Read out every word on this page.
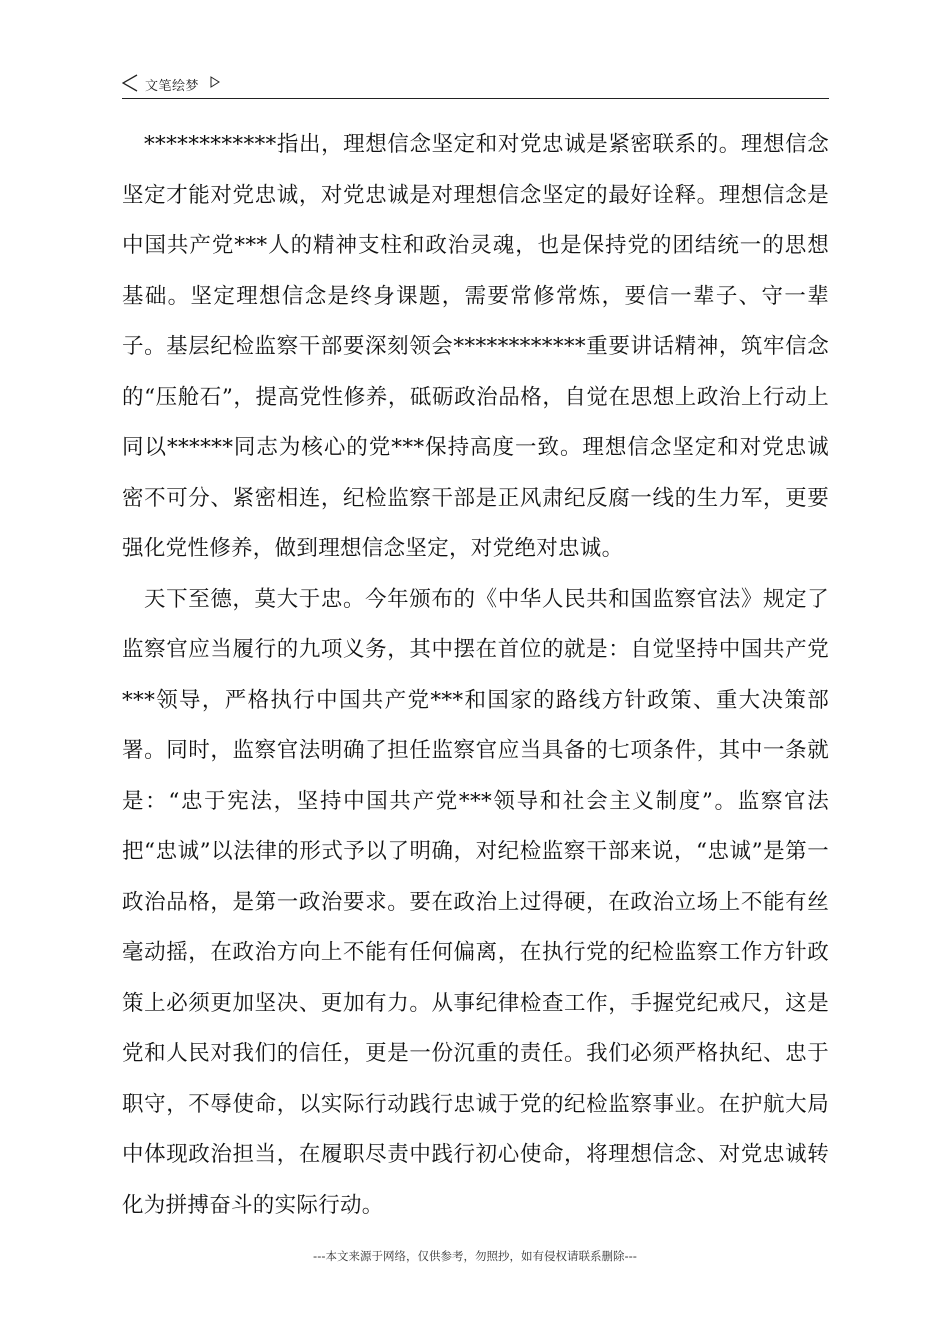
文笔绘梦

************指出，理想信念坚定和对党忠诚是紧密联系的。理想信念坚定才能对党忠诚，对党忠诚是对理想信念坚定的最好诠释。理想信念是中国共产党***人的精神支柱和政治灵魂，也是保持党的团结统一的思想基础。坚定理想信念是终身课题，需要常修常炼，要信一辈子、守一辈子。基层纪检监察干部要深刻领会************重要讲话精神，筑牢信念的“压舱石”，提高党性修养，砥砺政治品格，自觉在思想上政治上行动上同以******同志为核心的党***保持高度一致。理想信念坚定和对党忠诚密不可分、紧密相连，纪检监察干部是正风肃纪反腐一线的生力军，更要强化党性修养，做到理想信念坚定，对党绝对忠诚。

天下至德，莫大于忠。今年颁布的《中华人民共和国监察官法》规定了监察官应当履行的九项义务，其中摆在首位的就是：自觉坚持中国共产党***领导，严格执行中国共产党***和国家的路线方针政策、重大决策部署。同时，监察官法明确了担任监察官应当具备的七项条件，其中一条就是：“忠于宪法，坚持中国共产党***领导和社会主义制度”。监察官法把“忠诚”以法律的形式予以了明确，对纪检监察干部来说，“忠诚”是第一政治品格，是第一政治要求。要在政治上过得硬，在政治立场上不能有丝毫动摇，在政治方向上不能有任何偏离，在执行党的纪检监察工作方针政策上必须更加坚决、更加有力。从事纪律检查工作，手握党纪戒尺，这是党和人民对我们的信任，更是一份沉重的责任。我们必须严格执纪、忠于职守，不辱使命，以实际行动践行忠诚于党的纪检监察事业。在护航大局中体现政治担当，在履职尽责中践行初心使命，将理想信念、对党忠诚转化为拼搏奋斗的实际行动。

---本文来源于网络，仅供参考，勿照抄，如有侵权请联系删除---
